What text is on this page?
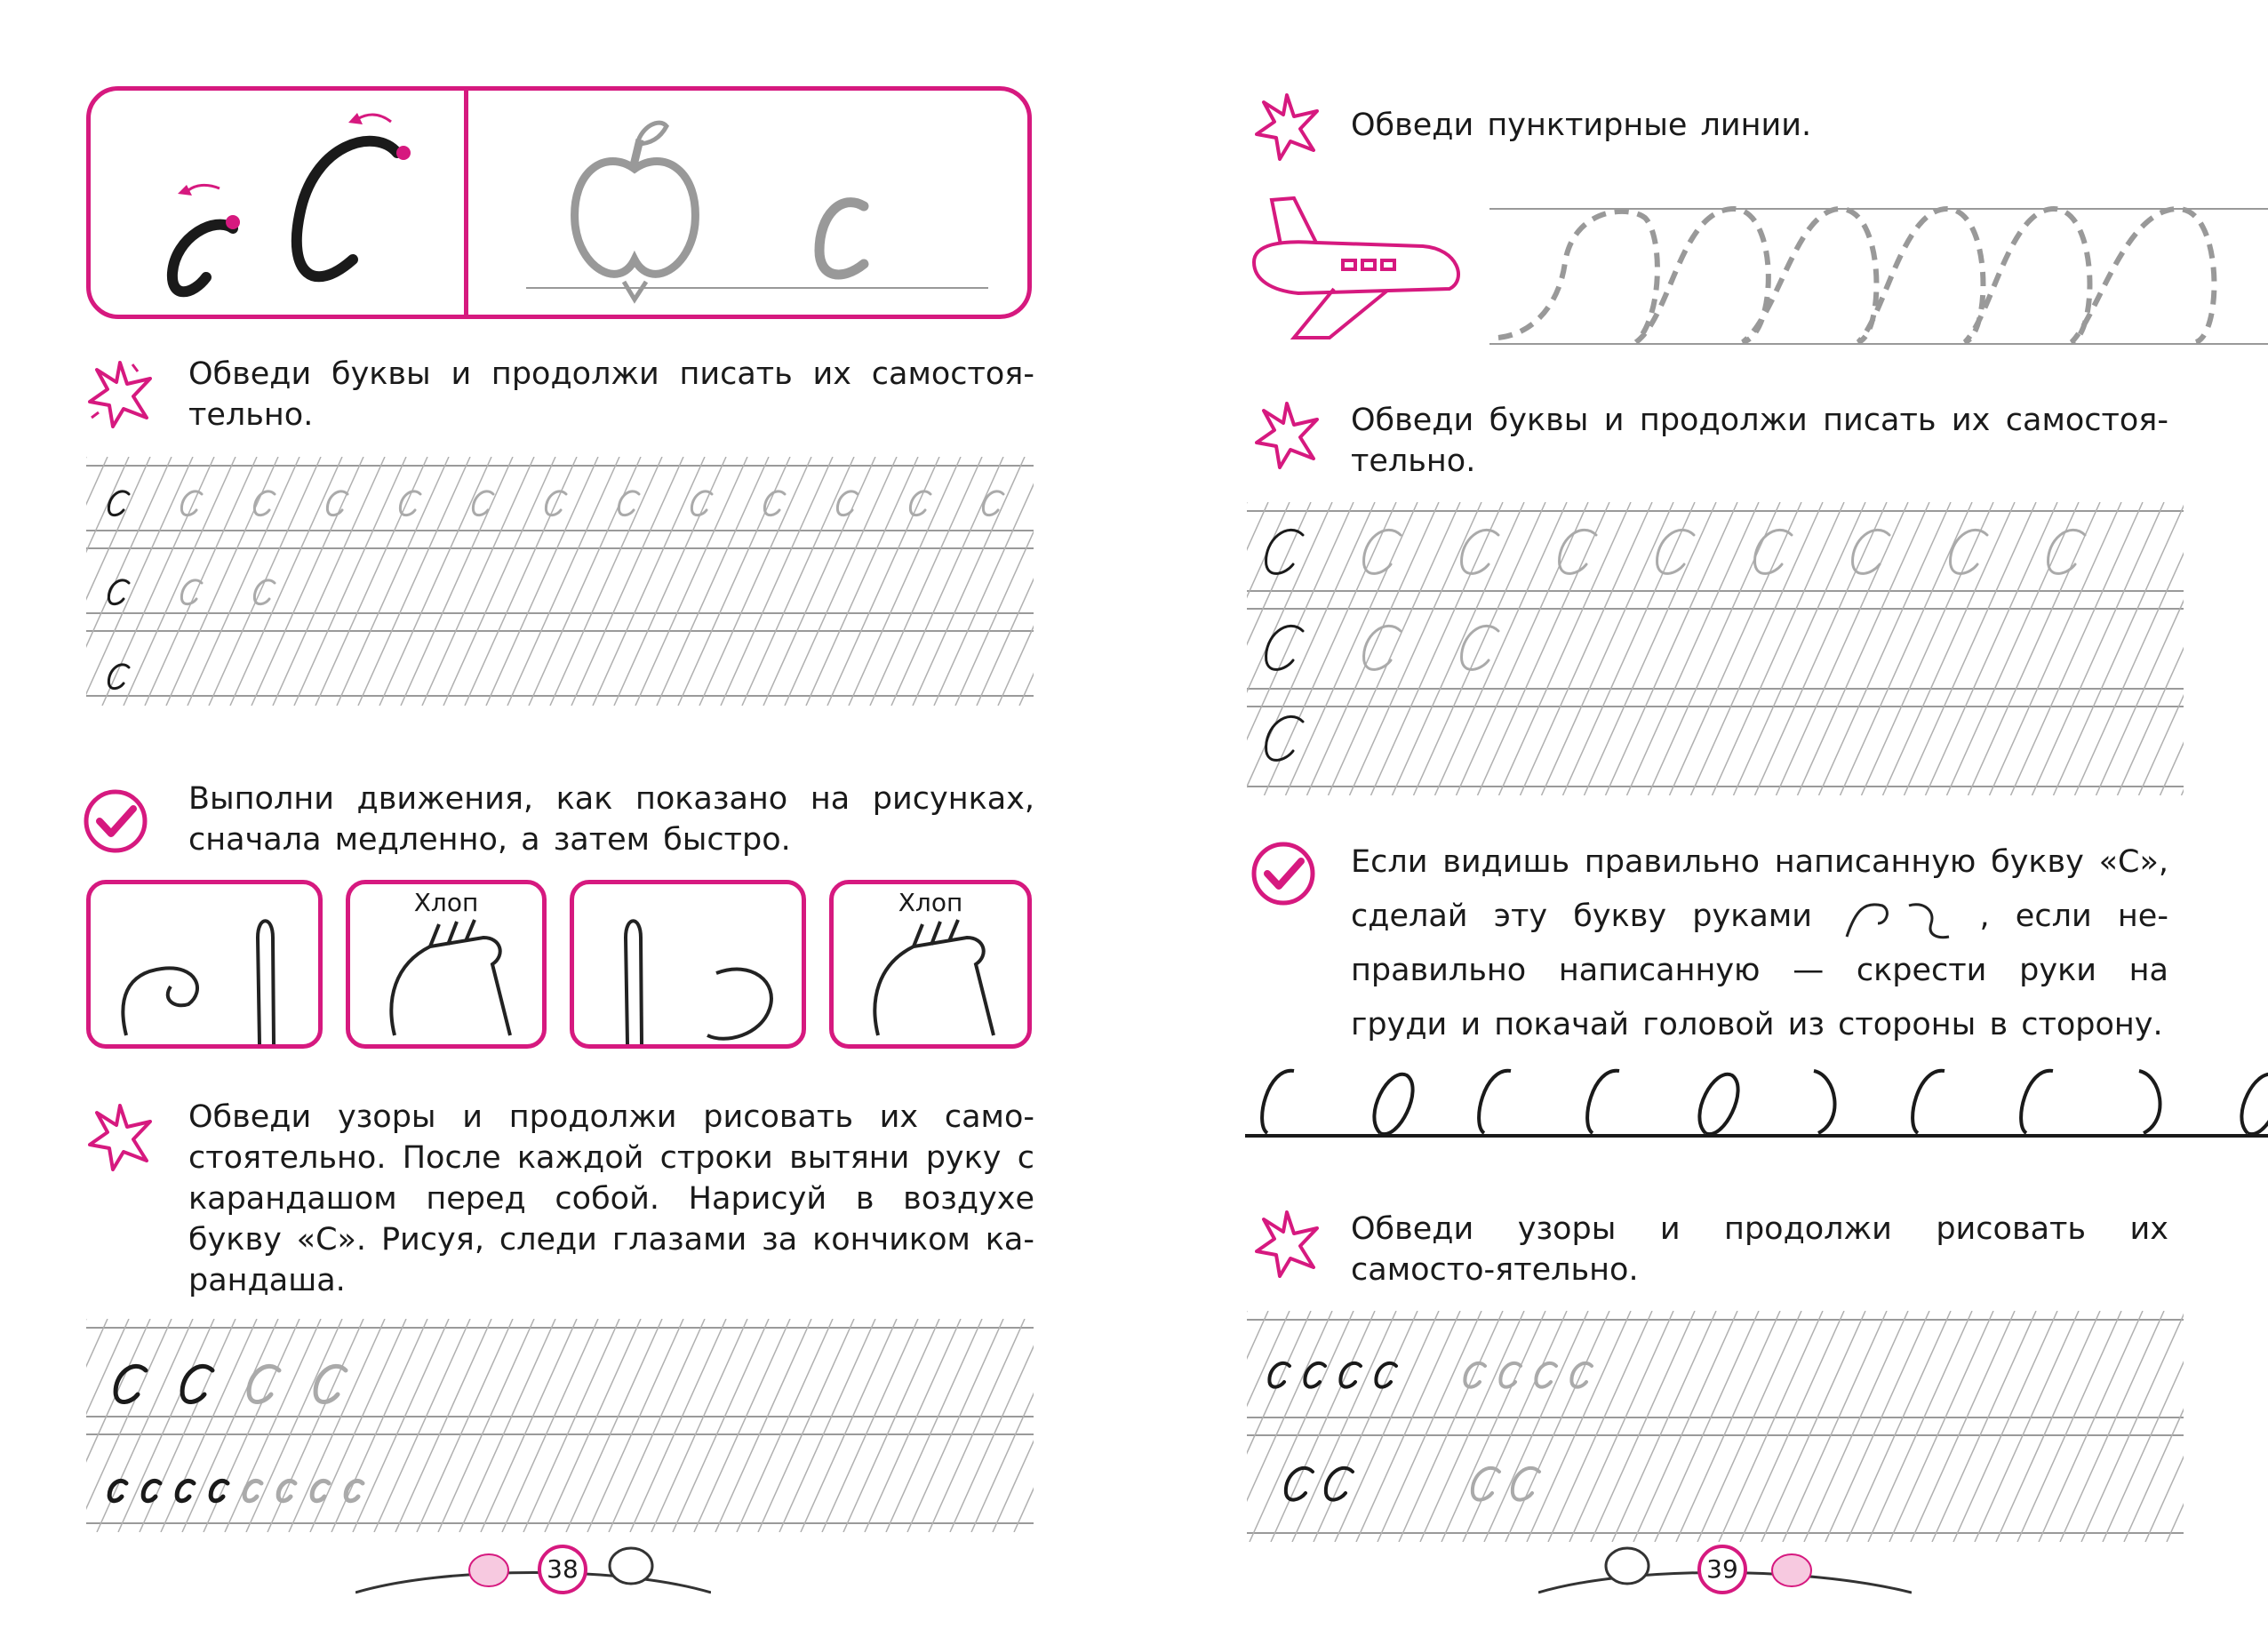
Обведи буквы и продолжи писать их самостоя-тельно.
Выполни движения, как показано на рисунках, сначала медленно, а затем быстро.
Хлоп	Хлоп
Обведи узоры и продолжи рисовать их само-стоятельно. После каждой строки вытяни руку с карандашом перед собой. Нарисуй в воздухе букву «С». Рисуя, следи глазами за кончиком ка-рандаша.
38
Обведи пунктирные линии.
Обведи буквы и продолжи писать их самостоя-тельно.
Если видишь правильно написанную букву «С», сделай эту букву руками	, если не-правильно написанную — скрести руки на груди и покачай головой из стороны в сторону.
Обведи узоры и продолжи рисовать их самосто-ятельно.
39
